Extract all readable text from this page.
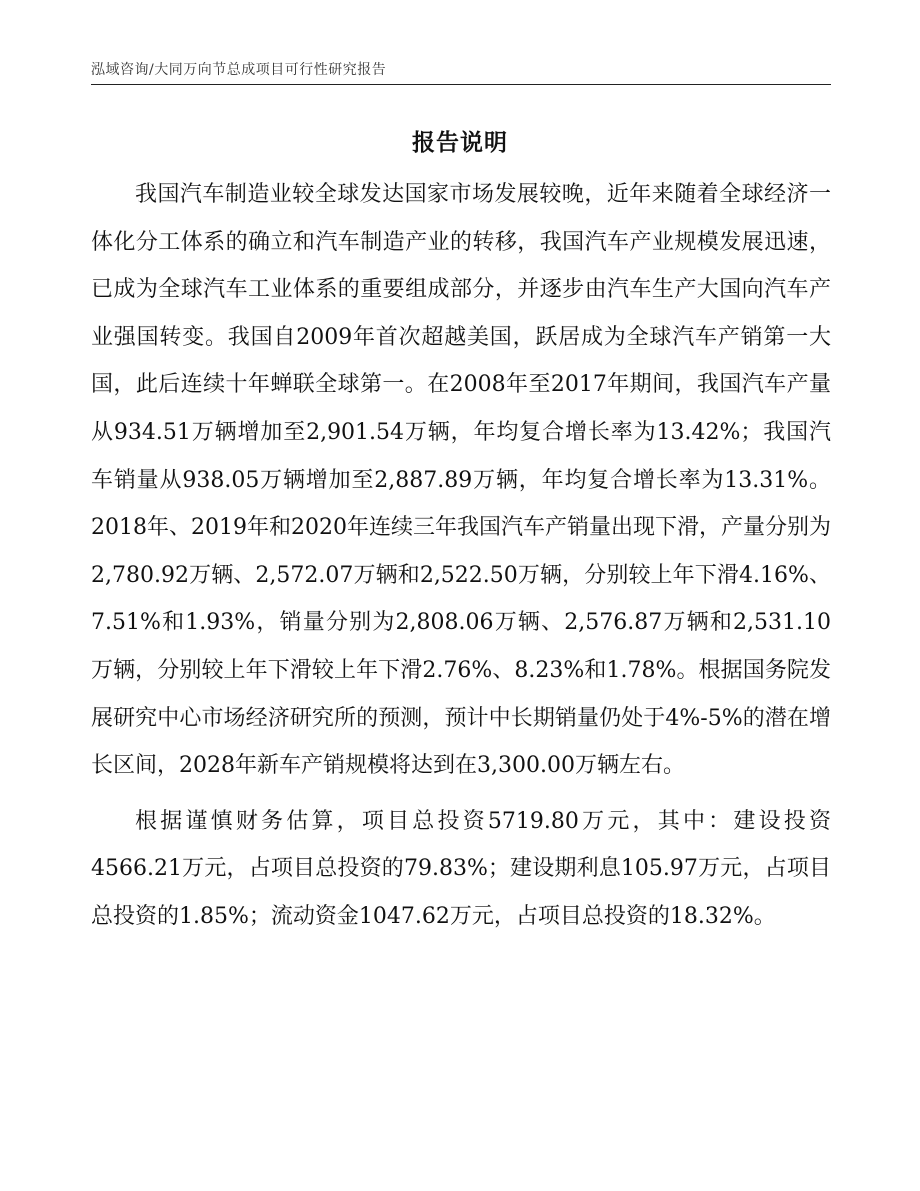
泓域咨询/大同万向节总成项目可行性研究报告
报告说明

我国汽车制造业较全球发达国家市场发展较晚，近年来随着全球经济一体化分工体系的确立和汽车制造产业的转移，我国汽车产业规模发展迅速，已成为全球汽车工业体系的重要组成部分，并逐步由汽车生产大国向汽车产业强国转变。我国自2009年首次超越美国，跃居成为全球汽车产销第一大国，此后连续十年蝉联全球第一。在2008年至2017年期间，我国汽车产量从934.51万辆增加至2,901.54万辆，年均复合增长率为13.42%；我国汽车销量从938.05万辆增加至2,887.89万辆，年均复合增长率为13.31%。2018年、2019年和2020年连续三年我国汽车产销量出现下滑，产量分别为2,780.92万辆、2,572.07万辆和2,522.50万辆，分别较上年下滑4.16%、7.51%和1.93%，销量分别为2,808.06万辆、2,576.87万辆和2,531.10万辆，分别较上年下滑较上年下滑2.76%、8.23%和1.78%。根据国务院发展研究中心市场经济研究所的预测，预计中长期销量仍处于4%-5%的潜在增长区间，2028年新车产销规模将达到在3,300.00万辆左右。

根据谨慎财务估算，项目总投资5719.80万元，其中：建设投资4566.21万元，占项目总投资的79.83%；建设期利息105.97万元，占项目总投资的1.85%；流动资金1047.62万元，占项目总投资的18.32%。
